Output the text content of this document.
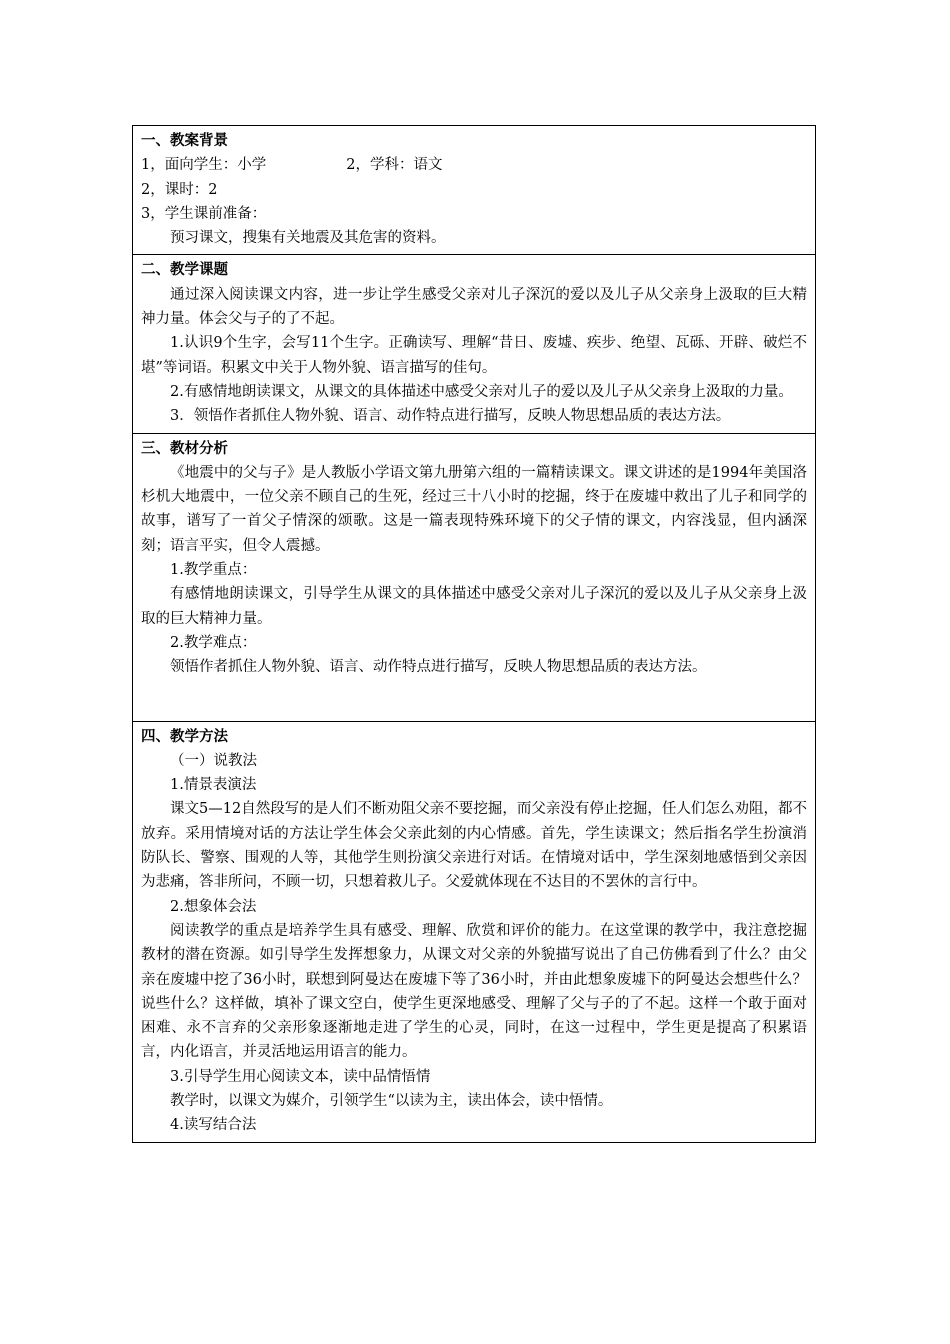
一、教案背景

1，面向学生：小学	2，学科：语文

2，课时：2

3，学生课前准备：

预习课文，搜集有关地震及其危害的资料。

二、教学课题

通过深入阅读课文内容，进一步让学生感受父亲对儿子深沉的爱以及儿子从父亲身上汲取的巨大精神力量。体会父与子的了不起。

1.认识9个生字，会写11个生字。正确读写、理解“昔日、废墟、疾步、绝望、瓦砾、开辟、破烂不堪”等词语。积累文中关于人物外貌、语言描写的佳句。

2.有感情地朗读课文，从课文的具体描述中感受父亲对儿子的爱以及儿子从父亲身上汲取的力量。

3．领悟作者抓住人物外貌、语言、动作特点进行描写，反映人物思想品质的表达方法。

三、教材分析

《地震中的父与子》是人教版小学语文第九册第六组的一篇精读课文。课文讲述的是1994年美国洛杉机大地震中，一位父亲不顾自己的生死，经过三十八小时的挖掘，终于在废墟中救出了儿子和同学的故事，谱写了一首父子情深的颂歌。这是一篇表现特殊环境下的父子情的课文，内容浅显，但内涵深刻；语言平实，但令人震撼。

1.教学重点：

有感情地朗读课文，引导学生从课文的具体描述中感受父亲对儿子深沉的爱以及儿子从父亲身上汲取的巨大精神力量。

2.教学难点：

领悟作者抓住人物外貌、语言、动作特点进行描写，反映人物思想品质的表达方法。

四、教学方法

（一）说教法

1.情景表演法

课文5—12自然段写的是人们不断劝阻父亲不要挖掘，而父亲没有停止挖掘，任人们怎么劝阻，都不放弃。采用情境对话的方法让学生体会父亲此刻的内心情感。首先，学生读课文；然后指名学生扮演消防队长、警察、围观的人等，其他学生则扮演父亲进行对话。在情境对话中，学生深刻地感悟到父亲因为悲痛，答非所问，不顾一切，只想着救儿子。父爱就体现在不达目的不罢休的言行中。

2.想象体会法

阅读教学的重点是培养学生具有感受、理解、欣赏和评价的能力。在这堂课的教学中，我注意挖掘教材的潜在资源。如引导学生发挥想象力，从课文对父亲的外貌描写说出了自己仿佛看到了什么？由父亲在废墟中挖了36小时，联想到阿曼达在废墟下等了36小时，并由此想象废墟下的阿曼达会想些什么？说些什么？这样做，填补了课文空白，使学生更深地感受、理解了父与子的了不起。这样一个敢于面对困难、永不言弃的父亲形象逐渐地走进了学生的心灵，同时，在这一过程中，学生更是提高了积累语言，内化语言，并灵活地运用语言的能力。

3.引导学生用心阅读文本，读中品情悟情

教学时，以课文为媒介，引领学生“以读为主，读出体会，读中悟情。

4.读写结合法
